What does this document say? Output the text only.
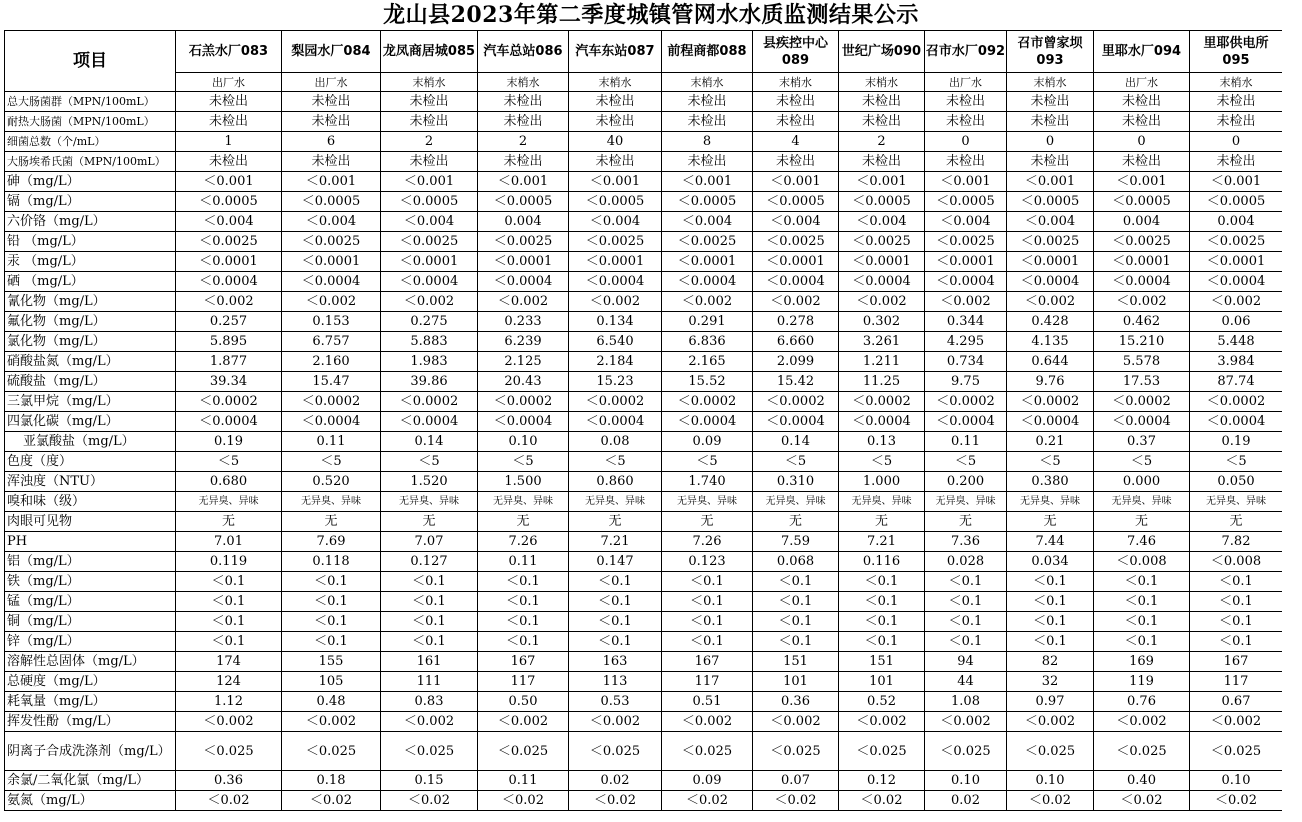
龙山县2023年第二季度城镇管网水水质监测结果公示
项目	石羔水厂083	梨园水厂084	龙凤商居城085	汽车总站086	汽车东站087	前程商都088	县疾控中心089	世纪广场090	召市水厂092	召市曾家坝093	里耶水厂094	里耶供电所095
	出厂水	出厂水	末梢水	末梢水	末梢水	末梢水	末梢水	末梢水	出厂水	末梢水	出厂水	末梢水
总大肠菌群（MPN/100mL）	未检出	未检出	未检出	未检出	未检出	未检出	未检出	未检出	未检出	未检出	未检出	未检出
耐热大肠菌（MPN/100mL）	未检出	未检出	未检出	未检出	未检出	未检出	未检出	未检出	未检出	未检出	未检出	未检出
细菌总数（个/mL）	1	6	2	2	40	8	4	2	0	0	0	0
大肠埃希氏菌（MPN/100mL）	未检出	未检出	未检出	未检出	未检出	未检出	未检出	未检出	未检出	未检出	未检出	未检出
砷（mg/L）	＜0.001	＜0.001	＜0.001	＜0.001	＜0.001	＜0.001	＜0.001	＜0.001	＜0.001	＜0.001	＜0.001	＜0.001
镉（mg/L）	＜0.0005	＜0.0005	＜0.0005	＜0.0005	＜0.0005	＜0.0005	＜0.0005	＜0.0005	＜0.0005	＜0.0005	＜0.0005	＜0.0005
六价铬（mg/L）	＜0.004	＜0.004	＜0.004	0.004	＜0.004	＜0.004	＜0.004	＜0.004	＜0.004	＜0.004	0.004	0.004
铅 （mg/L）	＜0.0025	＜0.0025	＜0.0025	＜0.0025	＜0.0025	＜0.0025	＜0.0025	＜0.0025	＜0.0025	＜0.0025	＜0.0025	＜0.0025
汞 （mg/L）	＜0.0001	＜0.0001	＜0.0001	＜0.0001	＜0.0001	＜0.0001	＜0.0001	＜0.0001	＜0.0001	＜0.0001	＜0.0001	＜0.0001
硒 （mg/L）	＜0.0004	＜0.0004	＜0.0004	＜0.0004	＜0.0004	＜0.0004	＜0.0004	＜0.0004	＜0.0004	＜0.0004	＜0.0004	＜0.0004
氰化物（mg/L）	＜0.002	＜0.002	＜0.002	＜0.002	＜0.002	＜0.002	＜0.002	＜0.002	＜0.002	＜0.002	＜0.002	＜0.002
氟化物（mg/L）	0.257	0.153	0.275	0.233	0.134	0.291	0.278	0.302	0.344	0.428	0.462	0.06
氯化物（mg/L）	5.895	6.757	5.883	6.239	6.540	6.836	6.660	3.261	4.295	4.135	15.210	5.448
硝酸盐氮（mg/L）	1.877	2.160	1.983	2.125	2.184	2.165	2.099	1.211	0.734	0.644	5.578	3.984
硫酸盐（mg/L）	39.34	15.47	39.86	20.43	15.23	15.52	15.42	11.25	9.75	9.76	17.53	87.74
三氯甲烷（mg/L）	＜0.0002	＜0.0002	＜0.0002	＜0.0002	＜0.0002	＜0.0002	＜0.0002	＜0.0002	＜0.0002	＜0.0002	＜0.0002	＜0.0002
四氯化碳（mg/L）	＜0.0004	＜0.0004	＜0.0004	＜0.0004	＜0.0004	＜0.0004	＜0.0004	＜0.0004	＜0.0004	＜0.0004	＜0.0004	＜0.0004
亚氯酸盐（mg/L）	0.19	0.11	0.14	0.10	0.08	0.09	0.14	0.13	0.11	0.21	0.37	0.19
色度（度）	＜5	＜5	＜5	＜5	＜5	＜5	＜5	＜5	＜5	＜5	＜5	＜5
浑浊度（NTU）	0.680	0.520	1.520	1.500	0.860	1.740	0.310	1.000	0.200	0.380	0.000	0.050
嗅和味（级）	无异臭、异味	无异臭、异味	无异臭、异味	无异臭、异味	无异臭、异味	无异臭、异味	无异臭、异味	无异臭、异味	无异臭、异味	无异臭、异味	无异臭、异味	无异臭、异味
肉眼可见物	无	无	无	无	无	无	无	无	无	无	无	无
PH	7.01	7.69	7.07	7.26	7.21	7.26	7.59	7.21	7.36	7.44	7.46	7.82
铝（mg/L）	0.119	0.118	0.127	0.11	0.147	0.123	0.068	0.116	0.028	0.034	＜0.008	＜0.008
铁（mg/L）	＜0.1	＜0.1	＜0.1	＜0.1	＜0.1	＜0.1	＜0.1	＜0.1	＜0.1	＜0.1	＜0.1	＜0.1
锰（mg/L）	＜0.1	＜0.1	＜0.1	＜0.1	＜0.1	＜0.1	＜0.1	＜0.1	＜0.1	＜0.1	＜0.1	＜0.1
铜（mg/L）	＜0.1	＜0.1	＜0.1	＜0.1	＜0.1	＜0.1	＜0.1	＜0.1	＜0.1	＜0.1	＜0.1	＜0.1
锌（mg/L）	＜0.1	＜0.1	＜0.1	＜0.1	＜0.1	＜0.1	＜0.1	＜0.1	＜0.1	＜0.1	＜0.1	＜0.1
溶解性总固体（mg/L）	174	155	161	167	163	167	151	151	94	82	169	167
总硬度（mg/L）	124	105	111	117	113	117	101	101	44	32	119	117
耗氧量（mg/L）	1.12	0.48	0.83	0.50	0.53	0.51	0.36	0.52	1.08	0.97	0.76	0.67
挥发性酚（mg/L）	＜0.002	＜0.002	＜0.002	＜0.002	＜0.002	＜0.002	＜0.002	＜0.002	＜0.002	＜0.002	＜0.002	＜0.002
阴离子合成洗涤剂（mg/L）	＜0.025	＜0.025	＜0.025	＜0.025	＜0.025	＜0.025	＜0.025	＜0.025	＜0.025	＜0.025	＜0.025	＜0.025
余氯/二氧化氯（mg/L）	0.36	0.18	0.15	0.11	0.02	0.09	0.07	0.12	0.10	0.10	0.40	0.10
氨氮（mg/L）	＜0.02	＜0.02	＜0.02	＜0.02	＜0.02	＜0.02	＜0.02	＜0.02	0.02	＜0.02	＜0.02	＜0.02
